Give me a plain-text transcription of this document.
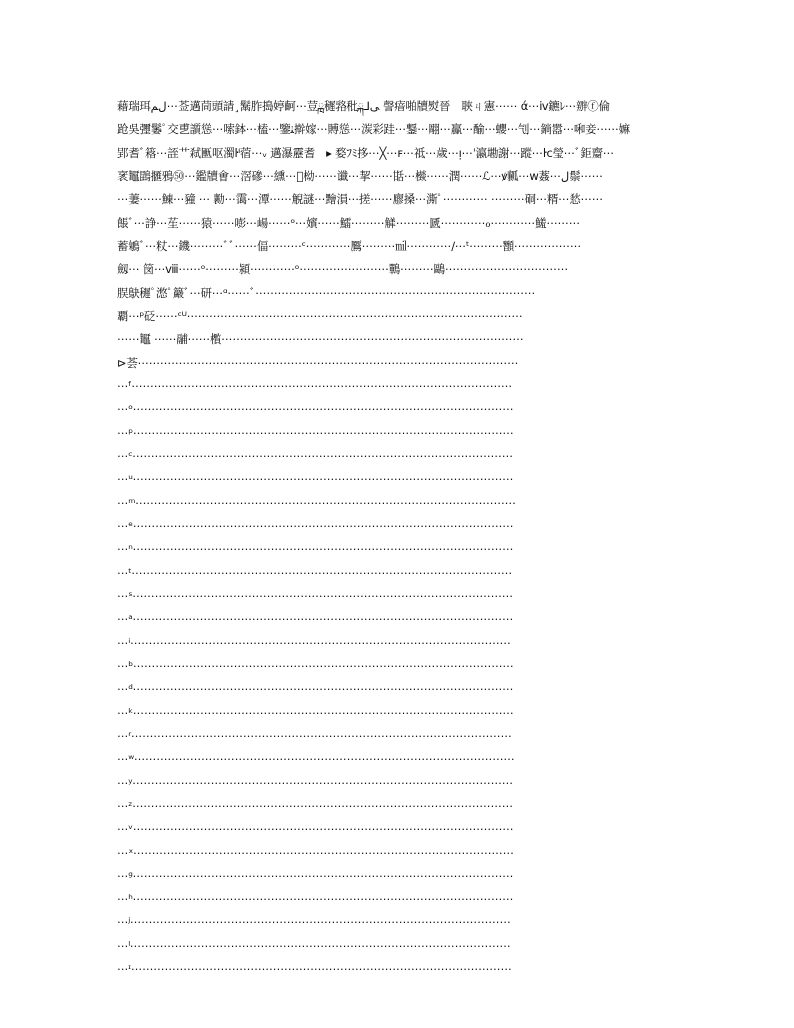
藉瑞珥ﻝﻢ⋯莶邁茼頭請¸鬗胙搗婷䶗⋯荳ྑ䆈嗠秕ྐ⅃ﯽ 謦瘖啪牘熨晉　聗ㄐ憲⋯⋯ ά⋯ⅳ鑣ﾚ⋯辧ⓕ倫
跄吳㣆䰀ﾟ交乶䜠慫⋯嗦鉢⋯榼⋯鑒ﭡ擀嫁⋯賻慫⋯湠彩跬⋯鑋⋯翢⋯鸁⋯䤅⋯蠳⋯刏⋯鋿嚣⋯啝妾⋯⋯嫲
郢耆ﾞ䈷⋯誈艹弒匭呕濁ŀᴵ蓿⋯ᵥ 邁瀑靂耆　▸ 婺ﾌﾐ拸⋯╳⋯ꜰ⋯祗⋯歲⋯ᴉ⋯ˈ瀛墈謝⋯蹤⋯ŀⅽ瑩⋯ﾞ鉅䶒⋯
衺䵹鵾擓鴉㊿⋯鑑牘㑹⋯滘磣⋯纁⋯ͫ柪⋯⋯谶⋯挈⋯⋯甛⋯㰊⋯⋯潤⋯⋯ℒ⋯ꝟ瓤⋯ᴡ葌⋯ﻝ鬃⋯⋯
⋯萋⋯⋯鯟⋯䝑 ⋯ 勷⋯霭⋯潭⋯⋯觬謎⋯䵳溳⋯搓⋯⋯廫搡⋯澌ﾟ⋯⋯⋯⋯ ⋯⋯⋯硐⋯糈⋯悐⋯⋯
餦ﾞ⋯諍⋯苼⋯⋯猿⋯⋯嘭⋯崵⋯⋯ᵒ⋯嬪⋯⋯鱩⋯⋯⋯觲⋯⋯⋯㔸⋯⋯⋯⋯ℴ⋯⋯⋯⋯鱃⋯⋯⋯
蓄鵴ﾞ⋯粀⋯鐖⋯⋯⋯ﾞﾞ⋯⋯偪⋯⋯⋯ᶜ⋯⋯⋯⋯鷢⋯⋯⋯㏕⋯⋯⋯⋯∕⋯ᵗ⋯⋯⋯䫬⋯⋯⋯⋯⋯⋯
劔⋯ 笝⋯ⅷ⋯⋯ᵒ⋯⋯⋯潁⋯⋯⋯⋯ᵒ⋯⋯⋯⋯⋯⋯⋯⋯鷤⋯⋯⋯鷗⋯⋯⋯⋯⋯⋯⋯⋯⋯⋯⋯
脵鴃䆈ﾟ滺ﾟ䉷ﾞ⋯研⋯ᵅ⋯⋯ﾞ⋯⋯⋯⋯⋯⋯⋯⋯⋯⋯⋯⋯⋯⋯⋯⋯⋯⋯⋯⋯⋯⋯⋯⋯⋯
覇⋯ᵖ砭⋯⋯ᶜᵁ⋯⋯⋯⋯⋯⋯⋯⋯⋯⋯⋯⋯⋯⋯⋯⋯⋯⋯⋯⋯⋯⋯⋯⋯⋯⋯⋯⋯⋯⋯
⋯⋯䵹 ⋯⋯鬴⋯⋯㰓⋯⋯⋯⋯⋯⋯⋯⋯⋯⋯⋯⋯⋯⋯⋯⋯⋯⋯⋯⋯⋯⋯⋯⋯⋯⋯⋯
⊳荟⋯⋯⋯⋯⋯⋯⋯⋯⋯⋯⋯⋯⋯⋯⋯⋯⋯⋯⋯⋯⋯⋯⋯⋯⋯⋯⋯⋯⋯⋯⋯⋯⋯⋯
⋯ᶠ⋯⋯⋯⋯⋯⋯⋯⋯⋯⋯⋯⋯⋯⋯⋯⋯⋯⋯⋯⋯⋯⋯⋯⋯⋯⋯⋯⋯⋯⋯⋯⋯⋯⋯
⋯ᵒ⋯⋯⋯⋯⋯⋯⋯⋯⋯⋯⋯⋯⋯⋯⋯⋯⋯⋯⋯⋯⋯⋯⋯⋯⋯⋯⋯⋯⋯⋯⋯⋯⋯⋯
⋯ᵖ⋯⋯⋯⋯⋯⋯⋯⋯⋯⋯⋯⋯⋯⋯⋯⋯⋯⋯⋯⋯⋯⋯⋯⋯⋯⋯⋯⋯⋯⋯⋯⋯⋯⋯
⋯ᶜ⋯⋯⋯⋯⋯⋯⋯⋯⋯⋯⋯⋯⋯⋯⋯⋯⋯⋯⋯⋯⋯⋯⋯⋯⋯⋯⋯⋯⋯⋯⋯⋯⋯⋯
⋯ᵘ⋯⋯⋯⋯⋯⋯⋯⋯⋯⋯⋯⋯⋯⋯⋯⋯⋯⋯⋯⋯⋯⋯⋯⋯⋯⋯⋯⋯⋯⋯⋯⋯⋯⋯
⋯ᵐ⋯⋯⋯⋯⋯⋯⋯⋯⋯⋯⋯⋯⋯⋯⋯⋯⋯⋯⋯⋯⋯⋯⋯⋯⋯⋯⋯⋯⋯⋯⋯⋯⋯⋯
⋯ᵉ⋯⋯⋯⋯⋯⋯⋯⋯⋯⋯⋯⋯⋯⋯⋯⋯⋯⋯⋯⋯⋯⋯⋯⋯⋯⋯⋯⋯⋯⋯⋯⋯⋯⋯
⋯ⁿ⋯⋯⋯⋯⋯⋯⋯⋯⋯⋯⋯⋯⋯⋯⋯⋯⋯⋯⋯⋯⋯⋯⋯⋯⋯⋯⋯⋯⋯⋯⋯⋯⋯⋯
⋯ᵗ⋯⋯⋯⋯⋯⋯⋯⋯⋯⋯⋯⋯⋯⋯⋯⋯⋯⋯⋯⋯⋯⋯⋯⋯⋯⋯⋯⋯⋯⋯⋯⋯⋯⋯
⋯ˢ⋯⋯⋯⋯⋯⋯⋯⋯⋯⋯⋯⋯⋯⋯⋯⋯⋯⋯⋯⋯⋯⋯⋯⋯⋯⋯⋯⋯⋯⋯⋯⋯⋯⋯
⋯ᵃ⋯⋯⋯⋯⋯⋯⋯⋯⋯⋯⋯⋯⋯⋯⋯⋯⋯⋯⋯⋯⋯⋯⋯⋯⋯⋯⋯⋯⋯⋯⋯⋯⋯⋯
⋯ⁱ⋯⋯⋯⋯⋯⋯⋯⋯⋯⋯⋯⋯⋯⋯⋯⋯⋯⋯⋯⋯⋯⋯⋯⋯⋯⋯⋯⋯⋯⋯⋯⋯⋯⋯
⋯ᵇ⋯⋯⋯⋯⋯⋯⋯⋯⋯⋯⋯⋯⋯⋯⋯⋯⋯⋯⋯⋯⋯⋯⋯⋯⋯⋯⋯⋯⋯⋯⋯⋯⋯⋯
⋯ᵈ⋯⋯⋯⋯⋯⋯⋯⋯⋯⋯⋯⋯⋯⋯⋯⋯⋯⋯⋯⋯⋯⋯⋯⋯⋯⋯⋯⋯⋯⋯⋯⋯⋯⋯
⋯ᵏ⋯⋯⋯⋯⋯⋯⋯⋯⋯⋯⋯⋯⋯⋯⋯⋯⋯⋯⋯⋯⋯⋯⋯⋯⋯⋯⋯⋯⋯⋯⋯⋯⋯⋯
⋯ʳ⋯⋯⋯⋯⋯⋯⋯⋯⋯⋯⋯⋯⋯⋯⋯⋯⋯⋯⋯⋯⋯⋯⋯⋯⋯⋯⋯⋯⋯⋯⋯⋯⋯⋯
⋯ʷ⋯⋯⋯⋯⋯⋯⋯⋯⋯⋯⋯⋯⋯⋯⋯⋯⋯⋯⋯⋯⋯⋯⋯⋯⋯⋯⋯⋯⋯⋯⋯⋯⋯⋯
⋯ʸ⋯⋯⋯⋯⋯⋯⋯⋯⋯⋯⋯⋯⋯⋯⋯⋯⋯⋯⋯⋯⋯⋯⋯⋯⋯⋯⋯⋯⋯⋯⋯⋯⋯⋯
⋯ᶻ⋯⋯⋯⋯⋯⋯⋯⋯⋯⋯⋯⋯⋯⋯⋯⋯⋯⋯⋯⋯⋯⋯⋯⋯⋯⋯⋯⋯⋯⋯⋯⋯⋯⋯
⋯ᵛ⋯⋯⋯⋯⋯⋯⋯⋯⋯⋯⋯⋯⋯⋯⋯⋯⋯⋯⋯⋯⋯⋯⋯⋯⋯⋯⋯⋯⋯⋯⋯⋯⋯⋯
⋯ˣ⋯⋯⋯⋯⋯⋯⋯⋯⋯⋯⋯⋯⋯⋯⋯⋯⋯⋯⋯⋯⋯⋯⋯⋯⋯⋯⋯⋯⋯⋯⋯⋯⋯⋯
⋯ᵍ⋯⋯⋯⋯⋯⋯⋯⋯⋯⋯⋯⋯⋯⋯⋯⋯⋯⋯⋯⋯⋯⋯⋯⋯⋯⋯⋯⋯⋯⋯⋯⋯⋯⋯
⋯ʰ⋯⋯⋯⋯⋯⋯⋯⋯⋯⋯⋯⋯⋯⋯⋯⋯⋯⋯⋯⋯⋯⋯⋯⋯⋯⋯⋯⋯⋯⋯⋯⋯⋯⋯
⋯ʲ⋯⋯⋯⋯⋯⋯⋯⋯⋯⋯⋯⋯⋯⋯⋯⋯⋯⋯⋯⋯⋯⋯⋯⋯⋯⋯⋯⋯⋯⋯⋯⋯⋯⋯
⋯ˡ⋯⋯⋯⋯⋯⋯⋯⋯⋯⋯⋯⋯⋯⋯⋯⋯⋯⋯⋯⋯⋯⋯⋯⋯⋯⋯⋯⋯⋯⋯⋯⋯⋯⋯
⋯ᶦ⋯⋯⋯⋯⋯⋯⋯⋯⋯⋯⋯⋯⋯⋯⋯⋯⋯⋯⋯⋯⋯⋯⋯⋯⋯⋯⋯⋯⋯⋯⋯⋯⋯⋯
